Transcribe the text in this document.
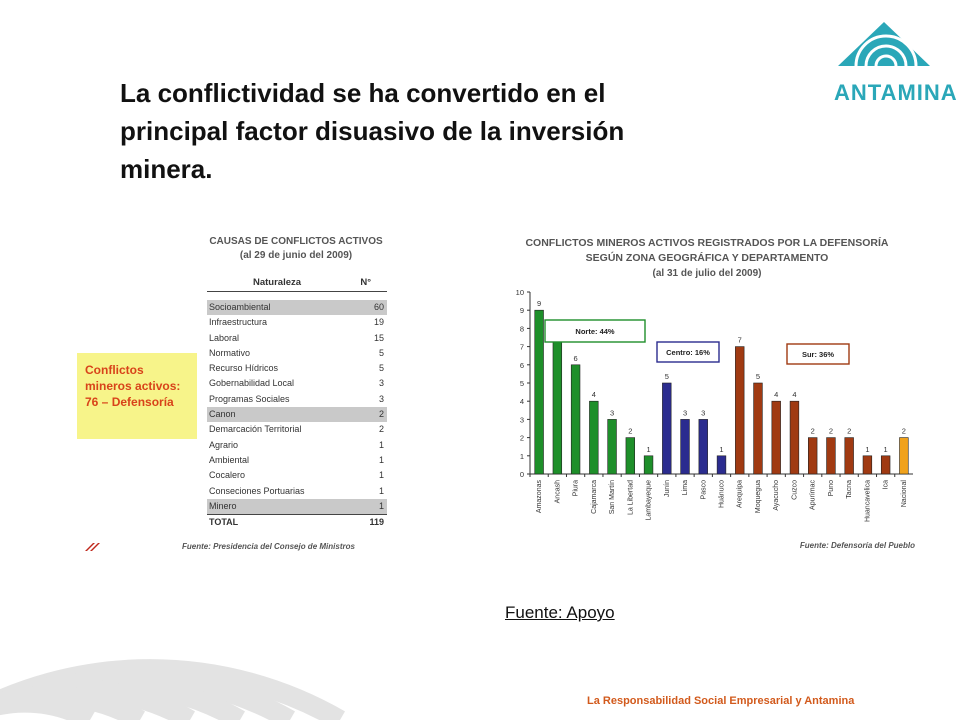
La conflictividad se ha convertido en el principal factor disuasivo de la inversión minera.
ANTAMINA
Conflictos
mineros activos:
76 – Defensoría
CAUSAS DE CONFLICTOS ACTIVOS
(al 29 de junio del 2009)
Naturaleza	N°
Socioambiental	60
Infraestructura	19
Laboral	15
Normativo	5
Recurso Hídricos	5
Gobernabilidad Local	3
Programas Sociales	3
Canon	2
Demarcación Territorial	2
Agrario	1
Ambiental	1
Cocalero	1
Conseciones Portuarias	1
Minero	1
TOTAL	119
Fuente: Presidencia del Consejo de Ministros
CONFLICTOS MINEROS ACTIVOS REGISTRADOS POR LA DEFENSORÍA
SEGÚN ZONA GEOGRÁFICA Y DEPARTAMENTO
(al 31 de julio del 2009)
0
1
2
3
4
5
6
7
8
9
10
9
Amazonas Ancash
6
Piura
4
Cajamarca
3
San Martín
2
La Libertad
1
Lambayeque
5
Junín
3
Lima
3
Pasco
1
Huánuco
7
Arequipa
5
Moquegua
4
Ayacucho
4
Cuzco
2
Apurímac
2
Puno
2
Tacna
1
Huancavelica
1
Ica
2
Nacional
Norte: 44%
Centro: 16%	Sur: 36%
Fuente: Defensoría del Pueblo
Fuente: Apoyo
La Responsabilidad Social Empresarial y Antamina
